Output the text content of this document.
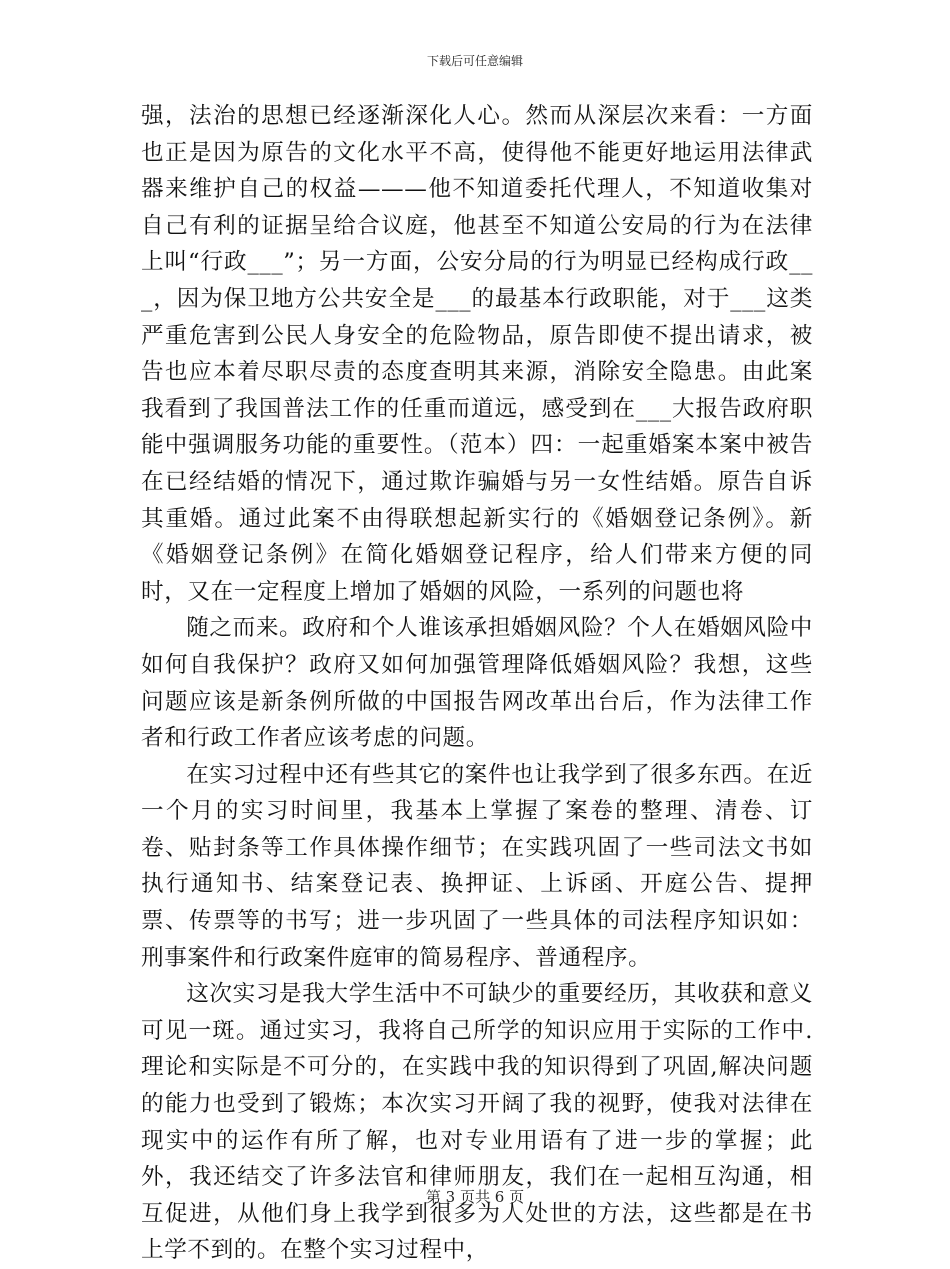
下载后可任意编辑

强，法治的思想已经逐渐深化人心。然而从深层次来看：一方面也正是因为原告的文化水平不高，使得他不能更好地运用法律武器来维护自己的权益———他不知道委托代理人，不知道收集对自己有利的证据呈给合议庭，他甚至不知道公安局的行为在法律上叫“行政___”；另一方面，公安分局的行为明显已经构成行政___，因为保卫地方公共安全是___的最基本行政职能，对于___这类严重危害到公民人身安全的危险物品，原告即使不提出请求，被告也应本着尽职尽责的态度查明其来源，消除安全隐患。由此案我看到了我国普法工作的任重而道远，感受到在___大报告政府职能中强调服务功能的重要性。（范本）四：一起重婚案本案中被告在已经结婚的情况下，通过欺诈骗婚与另一女性结婚。原告自诉其重婚。通过此案不由得联想起新实行的《婚姻登记条例》。新《婚姻登记条例》在简化婚姻登记程序，给人们带来方便的同时，又在一定程度上增加了婚姻的风险，一系列的问题也将

随之而来。政府和个人谁该承担婚姻风险？个人在婚姻风险中如何自我保护？政府又如何加强管理降低婚姻风险？我想，这些问题应该是新条例所做的中国报告网改革出台后，作为法律工作者和行政工作者应该考虑的问题。

在实习过程中还有些其它的案件也让我学到了很多东西。在近一个月的实习时间里，我基本上掌握了案卷的整理、清卷、订卷、贴封条等工作具体操作细节；在实践巩固了一些司法文书如执行通知书、结案登记表、换押证、上诉函、开庭公告、提押票、传票等的书写；进一步巩固了一些具体的司法程序知识如：刑事案件和行政案件庭审的简易程序、普通程序。

这次实习是我大学生活中不可缺少的重要经历，其收获和意义可见一斑。通过实习，我将自己所学的知识应用于实际的工作中.理论和实际是不可分的，在实践中我的知识得到了巩固,解决问题的能力也受到了锻炼；本次实习开阔了我的视野，使我对法律在现实中的运作有所了解，也对专业用语有了进一步的掌握；此外，我还结交了许多法官和律师朋友，我们在一起相互沟通，相互促进，从他们身上我学到很多为人处世的方法，这些都是在书上学不到的。在整个实习过程中，

第 3 页共 6 页
